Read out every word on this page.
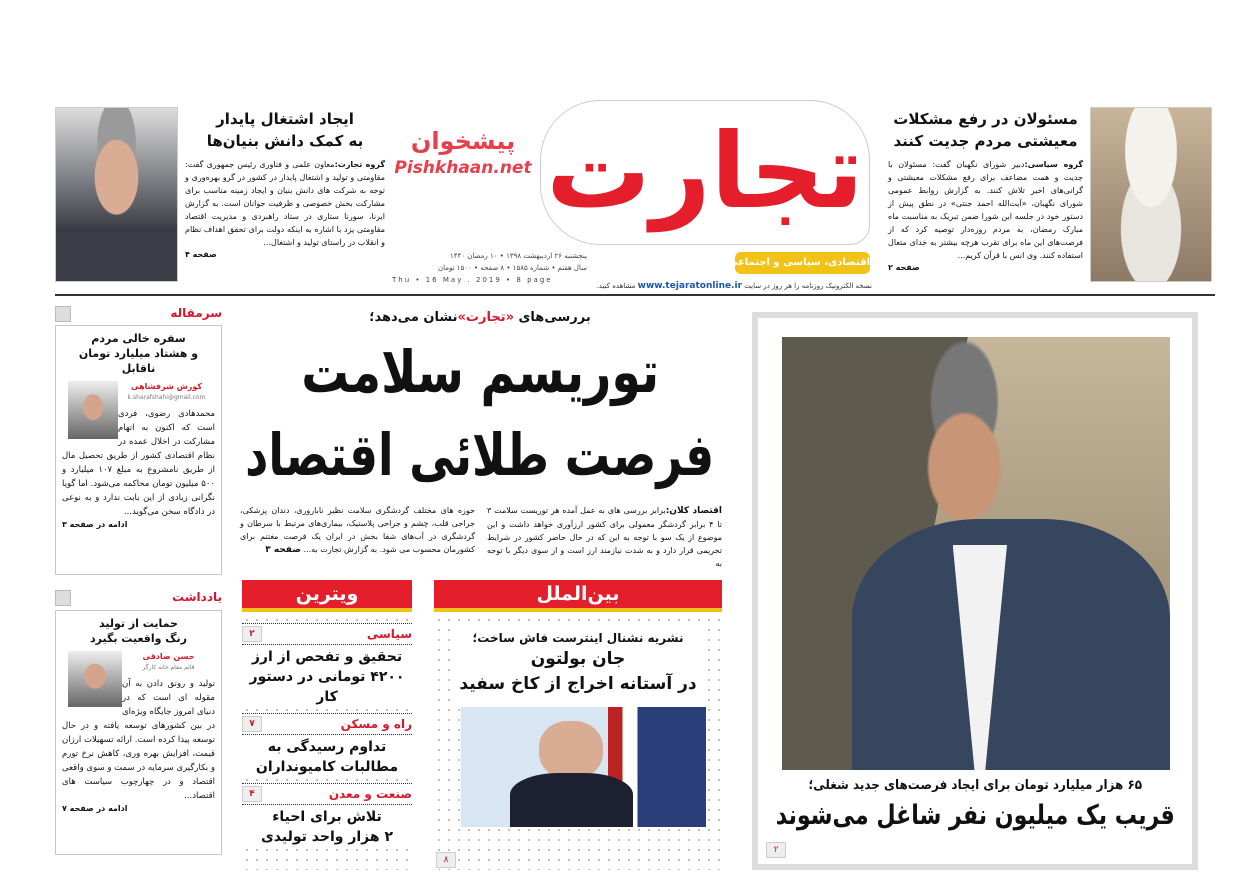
مسئولان در رفع مشکلات
معیشتی مردم جدیت کنند
گروه سیاسی:دبیر شورای نگهبان گفت: مسئولان با جدیت و همت مضاعف برای رفع مشکلات معیشتی و گرانی‌های اخیر تلاش کنند. به گزارش روابط عمومی شورای نگهبان، «آیت‌الله احمد جنتی» در نطق پیش از دستور خود در جلسه این شورا ضمن تبریک به مناسبت ماه مبارک رمضان، به مردم روزه‌دار توصیه کرد که از فرصت‌های این ماه برای تقرب هرچه بیشتر به خدای متعال استفاده کنند. وی انس با قرآن کریم...
صفحه ۲
تجارت
پیشخوان
Pishkhaan.net
اقتصادی، سیاسی و اجتماعی
پنجشنبه ۲۶ اردیبهشت ۱۳۹۸ • ۱۰ رمضان ۱۴۴۰
سال هفتم • شماره ۱۵۸۵ • ۸ صفحه • ۱۵۰۰ تومان
Thu • 16 May . 2019 • 8 page
نسخه الکترونیک روزنامه را هر روز در سایت www.tejaratonline.ir مشاهده کنید.
ایجاد اشتغال پایدار
به کمک دانش بنیان‌ها
گروه تجارت:معاون علمی و فناوری رئیس جمهوری گفت: مقاومتی و تولید و اشتغال پایدار در کشور در گرو بهره‌وری و توجه به شرکت های دانش بنیان و ایجاد زمینه مناسب برای مشارکت بخش خصوصی و ظرفیت جوانان است. به گزارش ایرنا، سورنا ستاری در ستاد راهبردی و مدیریت اقتصاد مقاومتی یزد با اشاره به اینکه دولت برای تحقق اهداف نظام و انقلاب در راستای تولید و اشتغال...
صفحه ۴
سرمقاله
سفره خالی مردم
و هشتاد میلیارد تومان ناقابل
کورش شرفشاهی
k.sharafshahi@gmail.com
محمدهادی رضوی، فردی است که اکنون به اتهام مشارکت در اخلال عمده در نظام اقتصادی کشور از طریق تحصیل مال از طریق نامشروع به مبلغ ۱۰۷ میلیارد و ۵۰۰ میلیون تومان محاکمه می‌شود. اما گویا نگرانی زیادی از این بابت ندارد و به نوعی در دادگاه سخن می‌گوید...
ادامه در صفحه ۳
یادداشت
حمایت از تولید
رنگ واقعیت بگیرد
حسن صادقی
قائم مقام خانه کارگر
تولید و رونق دادن به آن مقوله ای است که در دنیای امروز جایگاه ویژه‌ای در بین کشورهای توسعه یافته و در حال توسعه پیدا کرده است. ارائه تسهیلات ارزان قیمت، افزایش بهره وری، کاهش نرخ تورم و بکارگیری سرمایه در سمت و سوی واقعی اقتصاد و در چهارچوب سیاست های اقتصاد...
ادامه در صفحه ۷
بررسی‌های «تجارت»نشان می‌دهد؛
توریسم سلامت
فرصت طلائی اقتصاد
اقتصاد کلان:برابر بررسی های به عمل آمده هر توریست سلامت ۳ تا ۴ برابر گردشگر معمولی برای کشور ارزآوری خواهد داشت و این موضوع از یک سو با توجه به این که در حال حاضر کشور در شرایط تحریمی قرار دارد و به شدت نیازمند ارز است و از سوی دیگر با توجه به
حوزه های مختلف گردشگری سلامت نظیر ناباروری، دندان پزشکی، جراحی قلب، چشم و جراحی پلاستیک، بیماری‌های مرتبط با سرطان و گردشگری در آب‌های شفا بخش در ایران یک فرصت مغتنم برای کشورمان محسوب می شود. به گزارش تجارت به... صفحه ۳
ویترین
سیاسی
۲
تحقیق و تفحص از ارز
۴۲۰۰ تومانی در دستور کار
راه و مسکن
۷
تداوم رسیدگی به
مطالبات کامیونداران
صنعت و معدن
۴
تلاش برای احیاء
۲ هزار واحد تولیدی
بین‌الملل
نشریه نشنال اینترست فاش ساخت؛
جان بولتون
در آستانه اخراج از کاخ سفید
۸
۶۵ هزار میلیارد تومان برای ایجاد فرصت‌های جدید شغلی؛
قریب یک میلیون نفر شاغل می‌شوند
۲
